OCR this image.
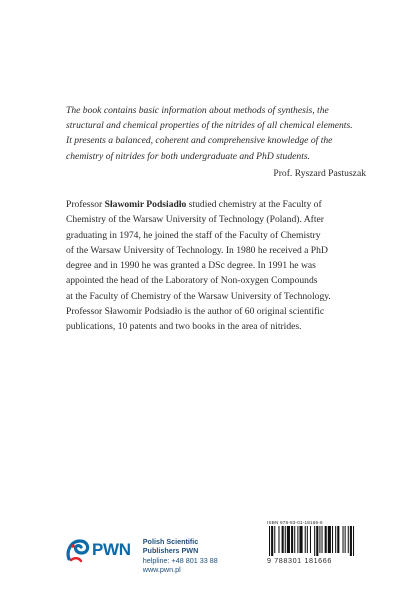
The book contains basic information about methods of synthesis, the
structural and chemical properties of the nitrides of all chemical elements.
It presents a balanced, coherent and comprehensive knowledge of the
chemistry of nitrides for both undergraduate and PhD students.
Prof. Ryszard Pastuszak
Professor Sławomir Podsiadło studied chemistry at the Faculty of
Chemistry of the Warsaw University of Technology (Poland). After
graduating in 1974, he joined the staff of the Faculty of Chemistry
of the Warsaw University of Technology. In 1980 he received a PhD
degree and in 1990 he was granted a DSc degree. In 1991 he was
appointed the head of the Laboratory of Non-oxygen Compounds
at the Faculty of Chemistry of the Warsaw University of Technology.
Professor Sławomir Podsiadło is the author of 60 original scientific
publications, 10 patents and two books in the area of nitrides.
ISBN 978-83-01-18166-6
9 788301 181666
PWN Polish Scientific
Publishers PWN
helpline: +48 801 33 88
www.pwn.pl
